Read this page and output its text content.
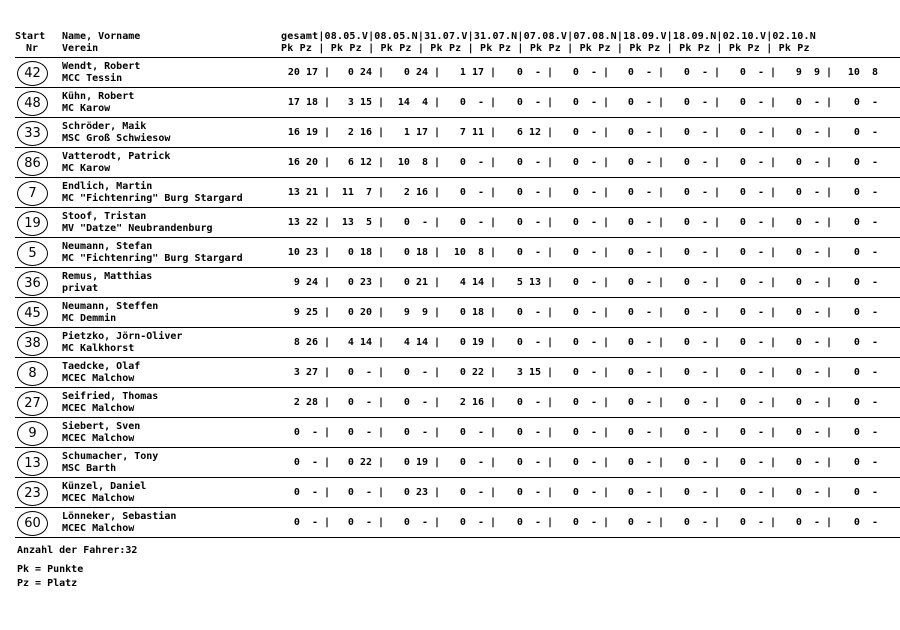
Start
Nr
Name, Vorname
Verein
gesamt|08.05.V|08.05.N|31.07.V|31.07.N|07.08.V|07.08.N|18.09.V|18.09.N|02.10.V|02.10.N
Pk Pz | Pk Pz | Pk Pz | Pk Pz | Pk Pz | Pk Pz | Pk Pz | Pk Pz | Pk Pz | Pk Pz | Pk Pz
42	Wendt, Robert
MCC Tessin
20 17	0 24	0 24	1 17	0  -	0  -	0  -	0  -	0  -	9  9	10  8
|	|	|	|	|	|	|	|	|	|
48	Kühn, Robert
MC Karow
17 18	3 15	14  4	0  -	0  -	0  -	0  -	0  -	0  -	0  -	0  -
|	|	|	|	|	|	|	|	|	|
33	Schröder, Maik
MSC Groß Schwiesow
16 19	2 16	1 17	7 11	6 12	0  -	0  -	0  -	0  -	0  -	0  -
|	|	|	|	|	|	|	|	|	|
86	Vatterodt, Patrick
MC Karow
16 20	6 12	10  8	0  -	0  -	0  -	0  -	0  -	0  -	0  -	0  -
|	|	|	|	|	|	|	|	|	|
7	Endlich, Martin
MC "Fichtenring" Burg Stargard
13 21	11  7	2 16	0  -	0  -	0  -	0  -	0  -	0  -	0  -	0  -
|	|	|	|	|	|	|	|	|	|
19	Stoof, Tristan
MV "Datze" Neubrandenburg
13 22	13  5	0  -	0  -	0  -	0  -	0  -	0  -	0  -	0  -	0  -
|	|	|	|	|	|	|	|	|	|
5	Neumann, Stefan
MC "Fichtenring" Burg Stargard
10 23	0 18	0 18	10  8	0  -	0  -	0  -	0  -	0  -	0  -	0  -
|	|	|	|	|	|	|	|	|	|
36	Remus, Matthias
privat
9 24	0 23	0 21	4 14	5 13	0  -	0  -	0  -	0  -	0  -	0  -
|	|	|	|	|	|	|	|	|	|
45	Neumann, Steffen
MC Demmin
9 25	0 20	9  9	0 18	0  -	0  -	0  -	0  -	0  -	0  -	0  -
|	|	|	|	|	|	|	|	|	|
38	Pietzko, Jörn-Oliver
MC Kalkhorst
8 26	4 14	4 14	0 19	0  -	0  -	0  -	0  -	0  -	0  -	0  -
|	|	|	|	|	|	|	|	|	|
8	Taedcke, Olaf
MCEC Malchow
3 27	0  -	0  -	0 22	3 15	0  -	0  -	0  -	0  -	0  -	0  -
|	|	|	|	|	|	|	|	|	|
27	Seifried, Thomas
MCEC Malchow
2 28	0  -	0  -	2 16	0  -	0  -	0  -	0  -	0  -	0  -	0  -
|	|	|	|	|	|	|	|	|	|
9	Siebert, Sven
MCEC Malchow
0  -	0  -	0  -	0  -	0  -	0  -	0  -	0  -	0  -	0  -	0  -
|	|	|	|	|	|	|	|	|	|
13	Schumacher, Tony
MSC Barth
0  -	0 22	0 19	0  -	0  -	0  -	0  -	0  -	0  -	0  -	0  -
|	|	|	|	|	|	|	|	|	|
23	Künzel, Daniel
MCEC Malchow
0  -	0  -	0 23	0  -	0  -	0  -	0  -	0  -	0  -	0  -	0  -
|	|	|	|	|	|	|	|	|	|
60	Lönneker, Sebastian
MCEC Malchow
0  -	0  -	0  -	0  -	0  -	0  -	0  -	0  -	0  -	0  -	0  -
|	|	|	|	|	|	|	|	|	|
Anzahl der Fahrer:32
Pk = Punkte
Pz = Platz
